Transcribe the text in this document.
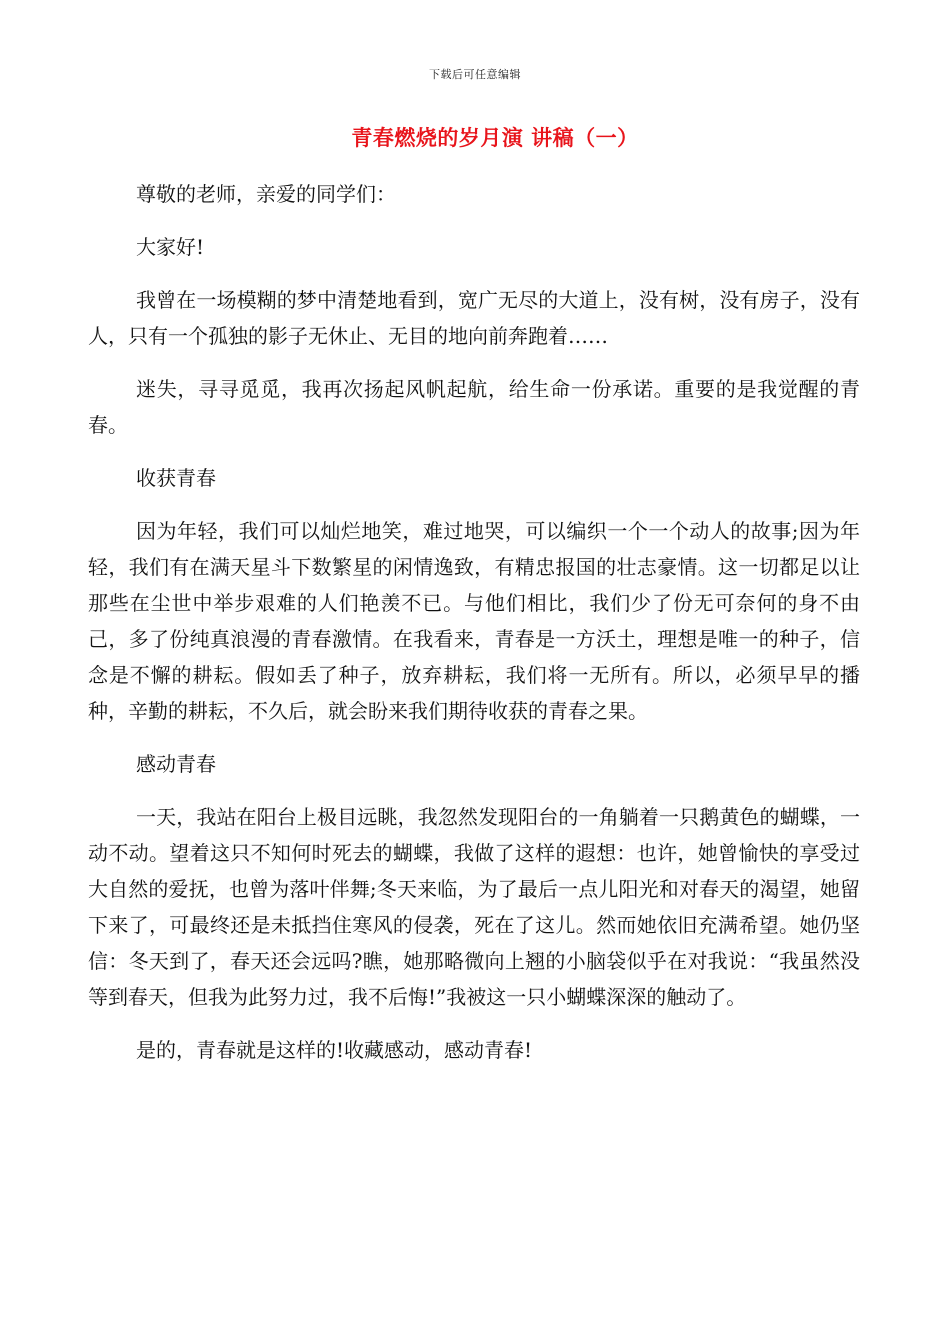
下载后可任意编辑
青春燃烧的岁月演 讲稿（一）

尊敬的老师，亲爱的同学们：

大家好!

我曾在一场模糊的梦中清楚地看到，宽广无尽的大道上，没有树，没有房子，没有人，只有一个孤独的影子无休止、无目的地向前奔跑着……

迷失，寻寻觅觅，我再次扬起风帆起航，给生命一份承诺。重要的是我觉醒的青春。

收获青春

因为年轻，我们可以灿烂地笑，难过地哭，可以编织一个一个动人的故事;因为年轻，我们有在满天星斗下数繁星的闲情逸致，有精忠报国的壮志豪情。这一切都足以让那些在尘世中举步艰难的人们艳羡不已。与他们相比，我们少了份无可奈何的身不由己，多了份纯真浪漫的青春激情。在我看来，青春是一方沃土，理想是唯一的种子，信念是不懈的耕耘。假如丢了种子，放弃耕耘，我们将一无所有。所以，必须早早的播种，辛勤的耕耘，不久后，就会盼来我们期待收获的青春之果。

感动青春

一天，我站在阳台上极目远眺，我忽然发现阳台的一角躺着一只鹅黄色的蝴蝶，一动不动。望着这只不知何时死去的蝴蝶，我做了这样的遐想：也许，她曾愉快的享受过大自然的爱抚，也曾为落叶伴舞;冬天来临，为了最后一点儿阳光和对春天的渴望，她留下来了，可最终还是未抵挡住寒风的侵袭，死在了这儿。然而她依旧充满希望。她仍坚信：冬天到了，春天还会远吗?瞧，她那略微向上翘的小脑袋似乎在对我说：“我虽然没等到春天，但我为此努力过，我不后悔!”我被这一只小蝴蝶深深的触动了。

是的，青春就是这样的!收藏感动，感动青春!
